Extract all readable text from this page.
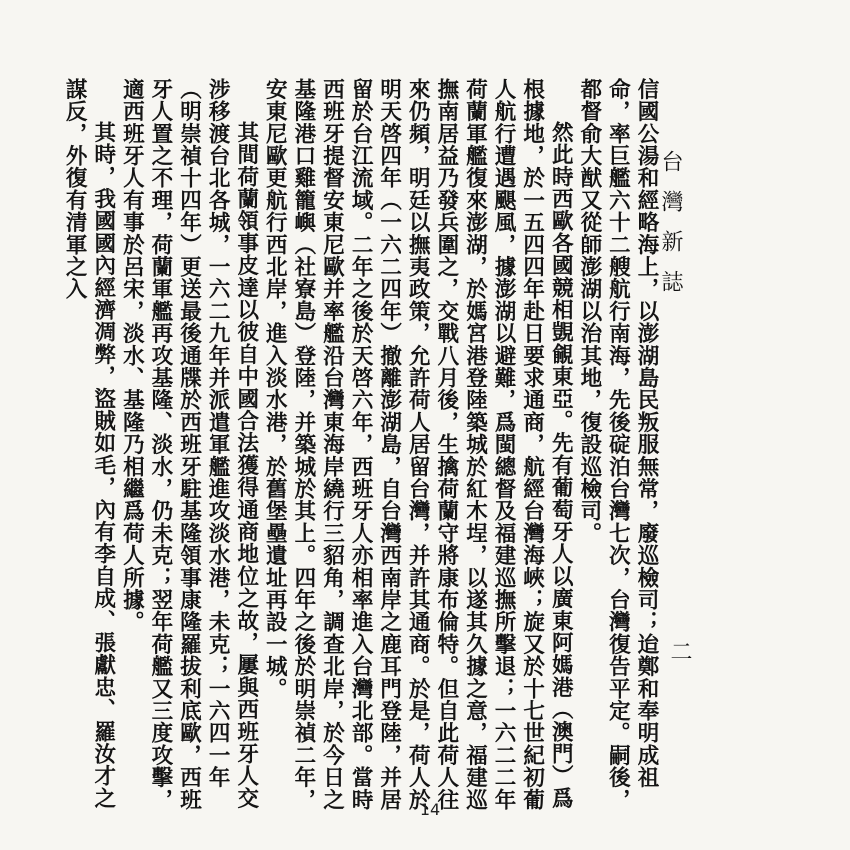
台灣新誌
二

信國公湯和經略海上，以澎湖島民叛服無常，廢巡檢司；迨鄭和奉明成祖命，率巨艦六十二艘航行南海，先後碇泊台灣七次，台灣復告平定。嗣後，都督俞大猷又從師澎湖以治其地，復設巡檢司。

然此時西歐各國競相覬覦東亞。先有葡萄牙人以廣東阿媽港（澳門）爲根據地，於一五四四年赴日要求通商，航經台灣海峽；旋又於十七世紀初葡人航行遭遇颶風，據澎湖以避難，爲閩總督及福建巡撫所擊退；一六二二年荷蘭軍艦復來澎湖，於媽宮港登陸築城於紅木埕，以遂其久據之意，福建巡撫南居益乃發兵圍之，交戰八月後，生擒荷蘭守將康布倫特。但自此荷人往來仍頻，明廷以撫夷政策，允許荷人居留台灣，并許其通商。於是，荷人於明天啓四年（一六二四年）撤離澎湖島，自台灣西南岸之鹿耳門登陸，并居留於台江流域。二年之後於天啓六年，西班牙人亦相率進入台灣北部。當時西班牙提督安東尼歐并率艦沿台灣東海岸繞行三貂角，調查北岸，於今日之基隆港口雞籠嶼（社寮島）登陸，并築城於其上。四年之後於明崇禎二年，安東尼歐更航行西北岸，進入淡水港，於舊堡壘遺址再設一城。

其間荷蘭領事皮達以彼自中國合法獲得通商地位之故，屢與西班牙人交涉移渡台北各城，一六二九年并派遣軍艦進攻淡水港，未克；一六四一年（明崇禎十四年）更送最後通牒於西班牙駐基隆領事康隆羅拔利底歐，西班牙人置之不理，荷蘭軍艦再攻基隆、淡水，仍未克；翌年荷艦又三度攻擊，適西班牙人有事於呂宋，淡水、基隆乃相繼爲荷人所據。

其時，我國國內經濟凋弊，盜賊如毛，內有李自成、張獻忠、羅汝才之謀反，外復有清軍之入

14
